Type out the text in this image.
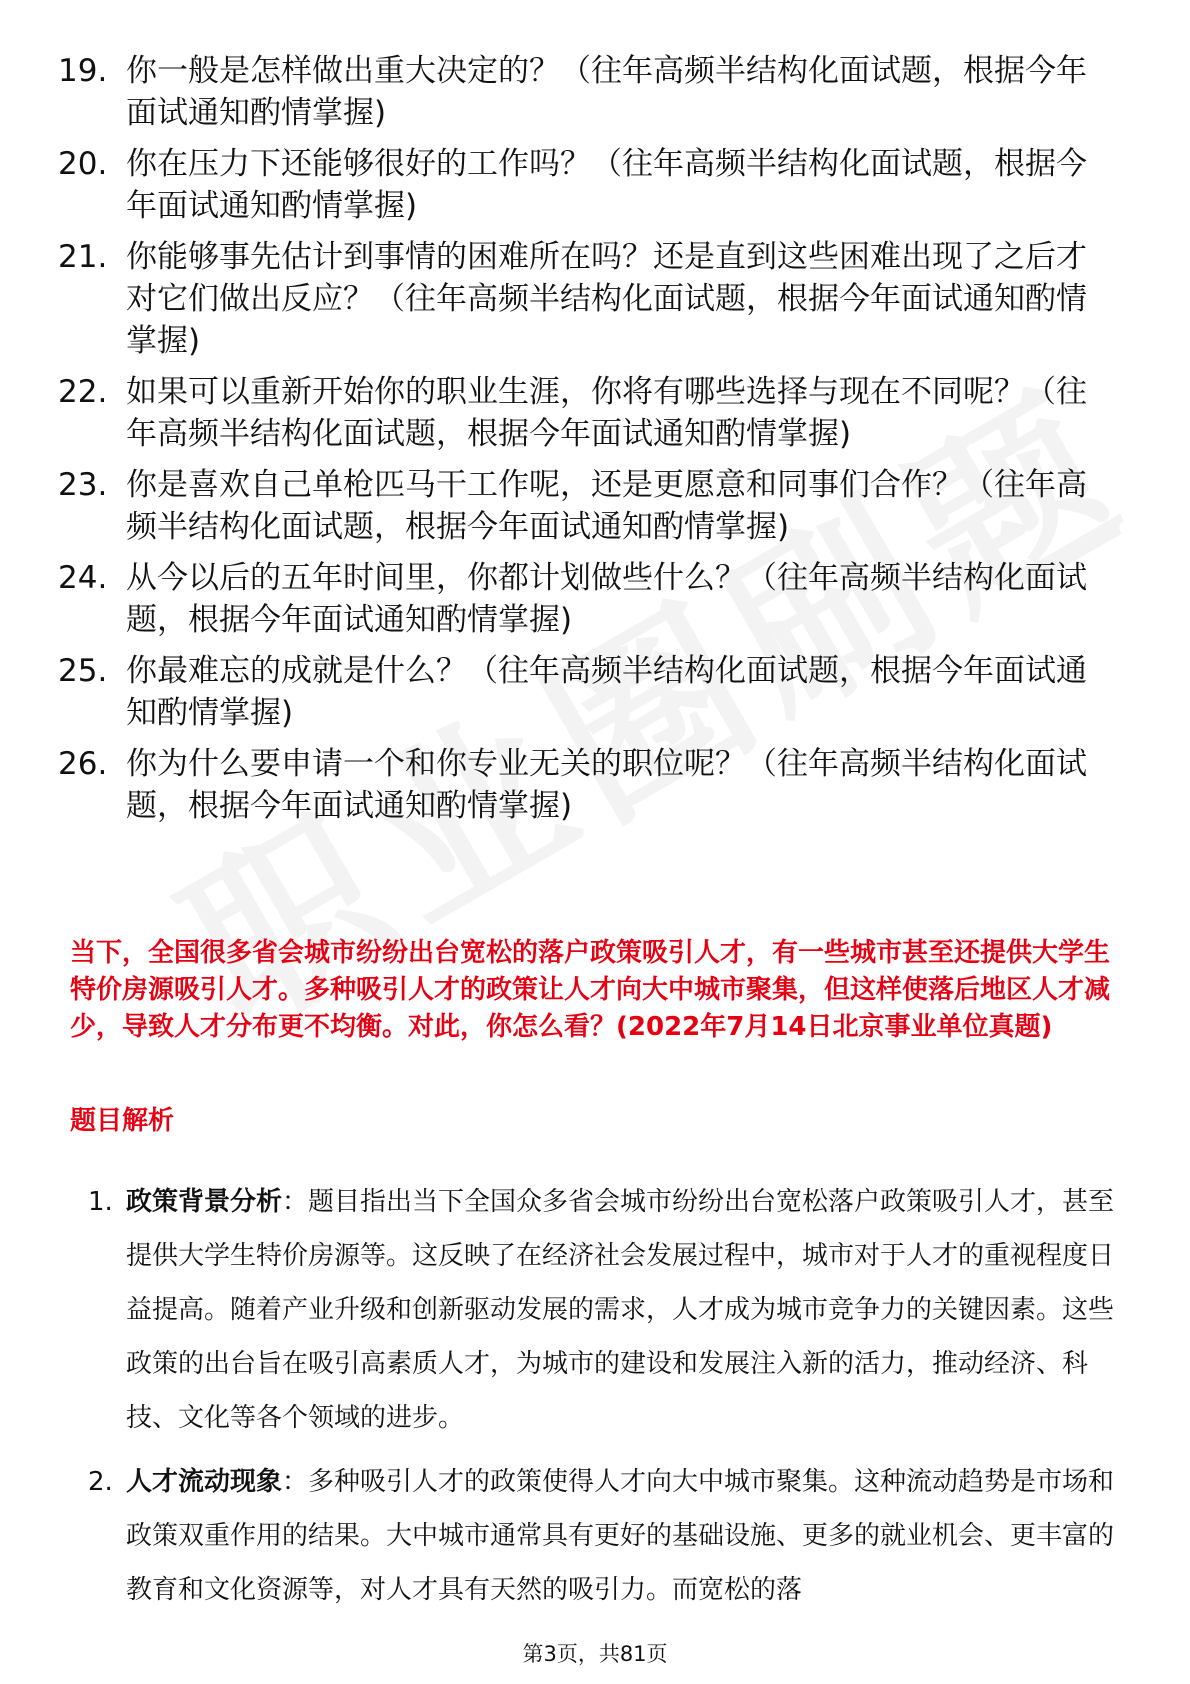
19. 你一般是怎样做出重大决定的？（往年高频半结构化面试题，根据今年面试通知酌情掌握)
20. 你在压力下还能够很好的工作吗？（往年高频半结构化面试题，根据今年面试通知酌情掌握)
21. 你能够事先估计到事情的困难所在吗？还是直到这些困难出现了之后才对它们做出反应？（往年高频半结构化面试题，根据今年面试通知酌情掌握)
22. 如果可以重新开始你的职业生涯，你将有哪些选择与现在不同呢？（往年高频半结构化面试题，根据今年面试通知酌情掌握)
23. 你是喜欢自己单枪匹马干工作呢，还是更愿意和同事们合作？（往年高频半结构化面试题，根据今年面试通知酌情掌握)
24. 从今以后的五年时间里，你都计划做些什么？（往年高频半结构化面试题，根据今年面试通知酌情掌握)
25. 你最难忘的成就是什么？（往年高频半结构化面试题，根据今年面试通知酌情掌握)
26. 你为什么要申请一个和你专业无关的职位呢？（往年高频半结构化面试题，根据今年面试通知酌情掌握)

当下，全国很多省会城市纷纷出台宽松的落户政策吸引人才，有一些城市甚至还提供大学生特价房源吸引人才。多种吸引人才的政策让人才向大中城市聚集，但这样使落后地区人才减少，导致人才分布更不均衡。对此，你怎么看？(2022年7月14日北京事业单位真题)

题目解析

1. 政策背景分析：题目指出当下全国众多省会城市纷纷出台宽松落户政策吸引人才，甚至提供大学生特价房源等。这反映了在经济社会发展过程中，城市对于人才的重视程度日益提高。随着产业升级和创新驱动发展的需求，人才成为城市竞争力的关键因素。这些政策的出台旨在吸引高素质人才，为城市的建设和发展注入新的活力，推动经济、科技、文化等各个领域的进步。
2. 人才流动现象：多种吸引人才的政策使得人才向大中城市聚集。这种流动趋势是市场和政策双重作用的结果。大中城市通常具有更好的基础设施、更多的就业机会、更丰富的教育和文化资源等，对人才具有天然的吸引力。而宽松的落
第3页，共81页
